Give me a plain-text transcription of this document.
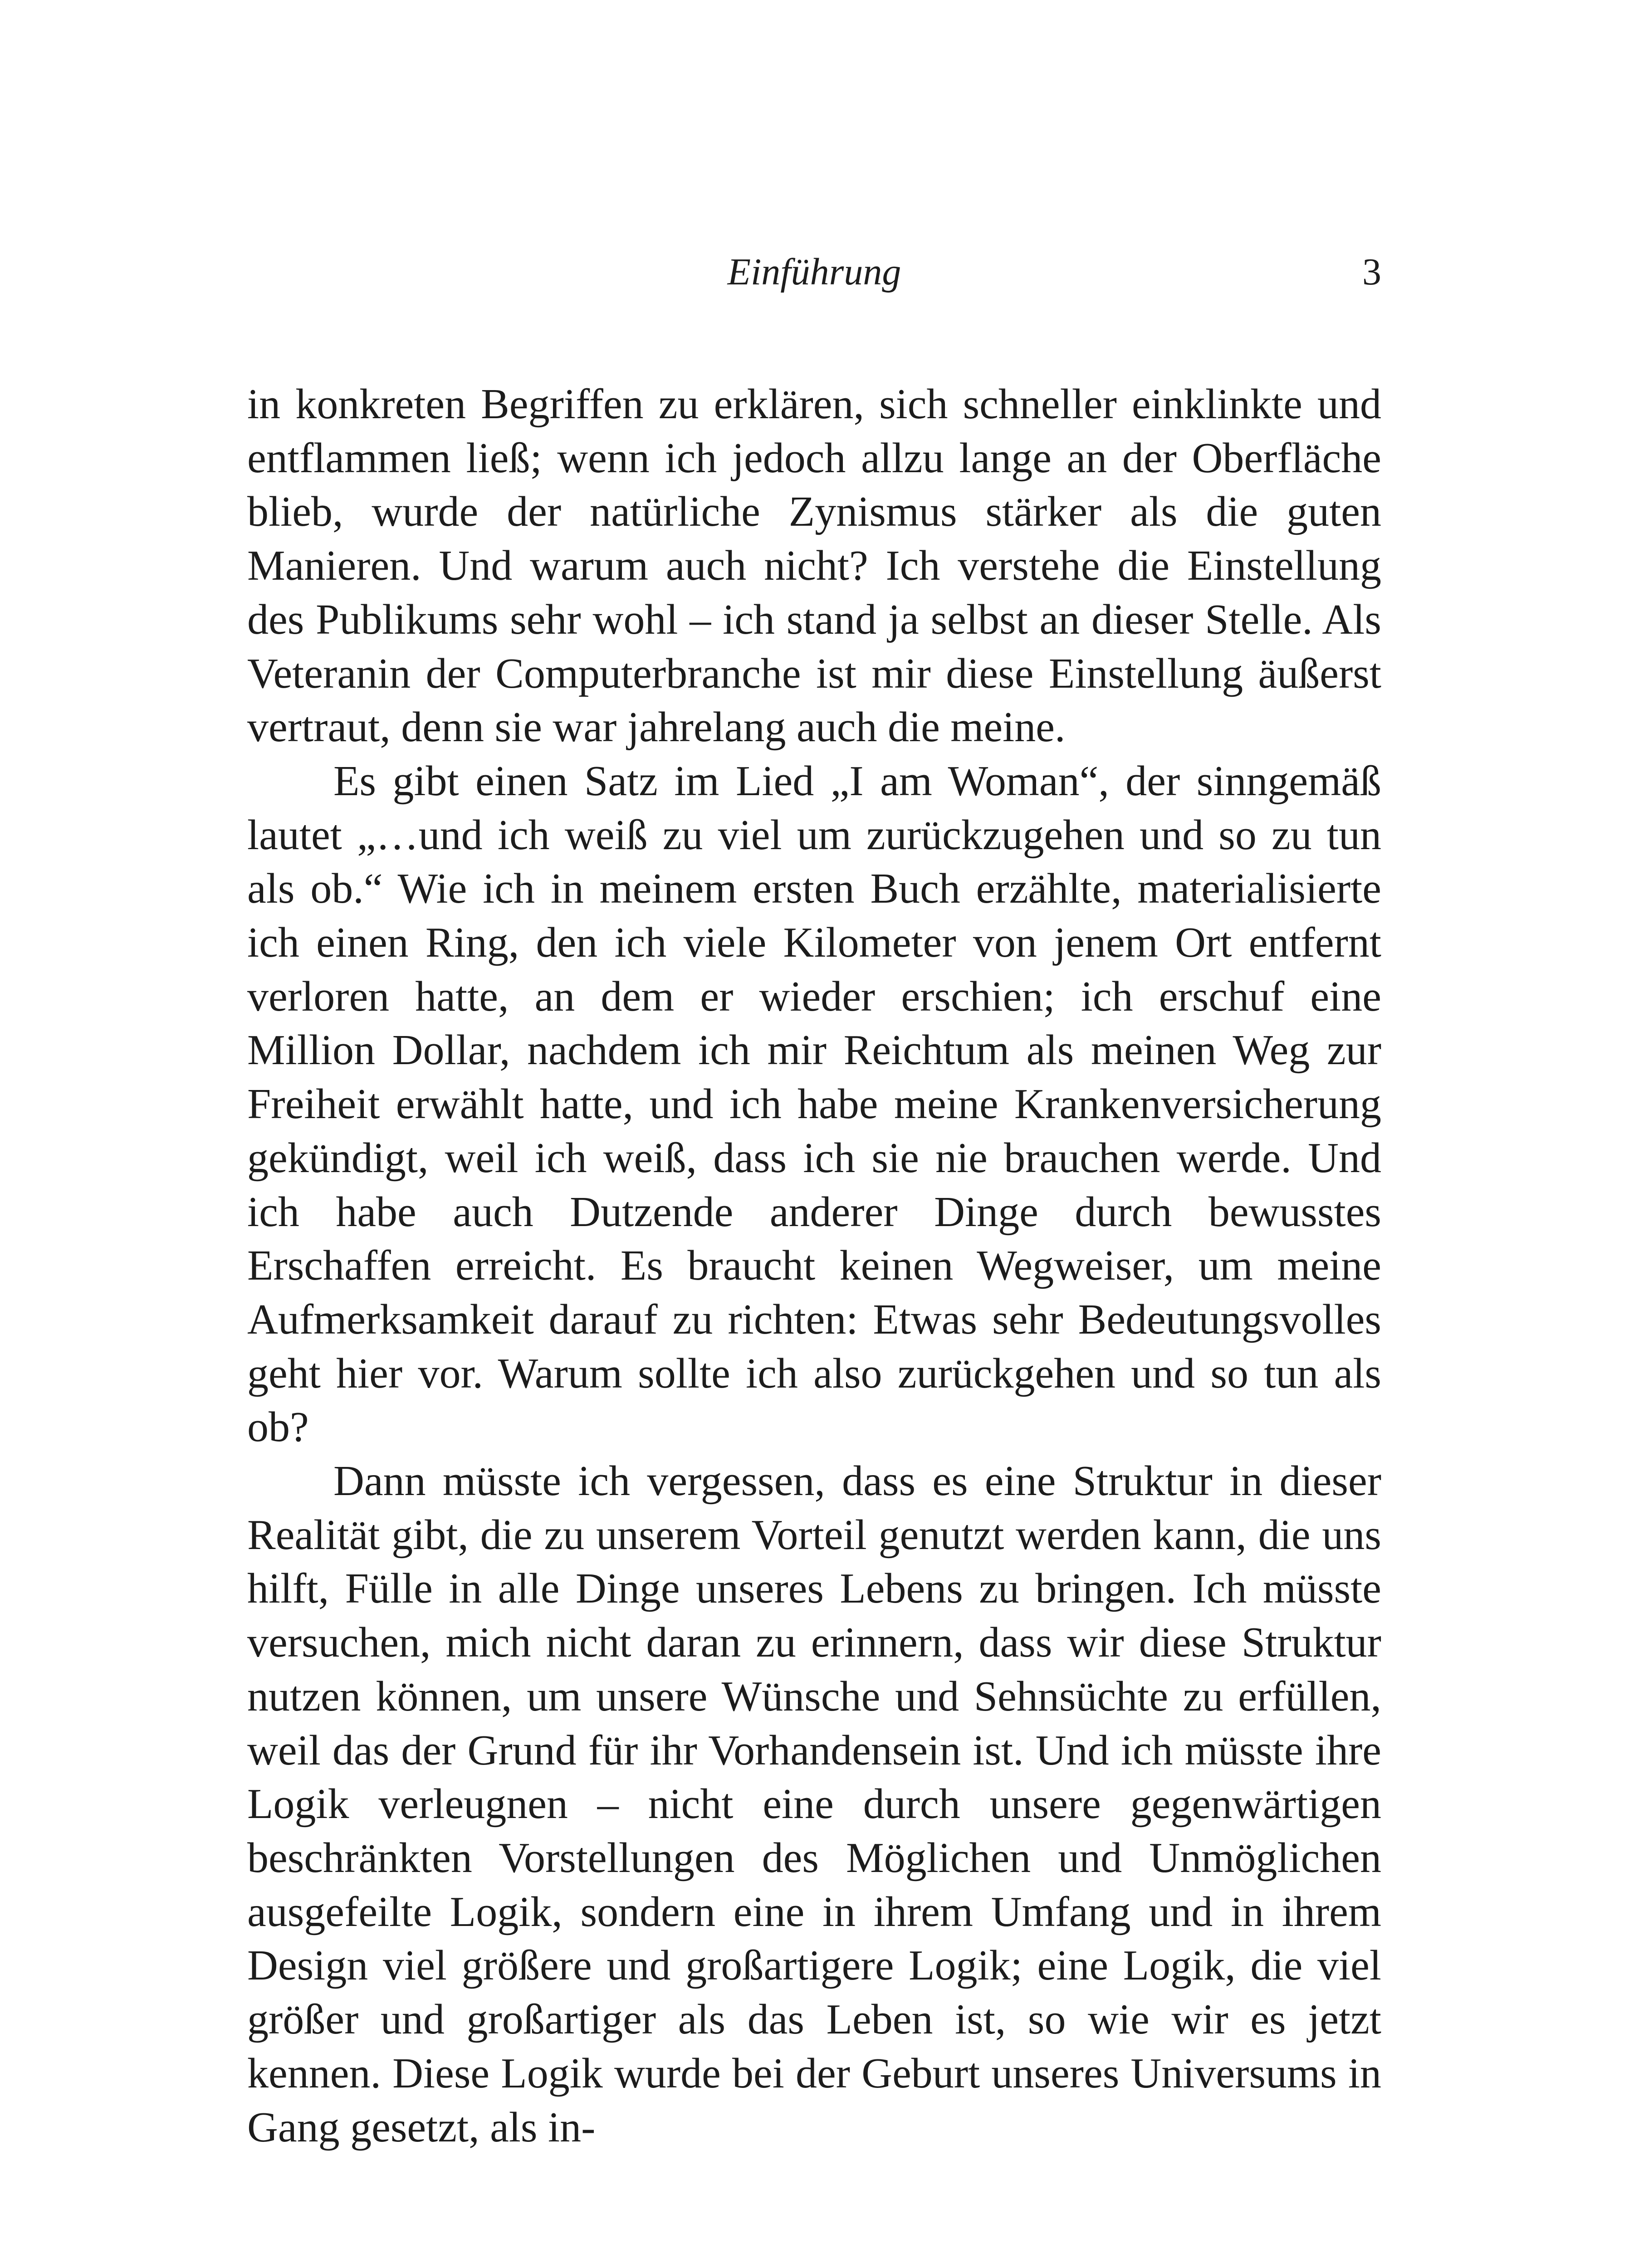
Einführung	3

in konkreten Begriffen zu erklären, sich schneller einklinkte und entflammen ließ; wenn ich jedoch allzu lange an der Oberfläche blieb, wurde der natürliche Zynismus stärker als die guten Manieren. Und warum auch nicht? Ich verstehe die Einstellung des Publikums sehr wohl – ich stand ja selbst an dieser Stelle. Als Veteranin der Computerbranche ist mir diese Einstellung äußerst vertraut, denn sie war jahrelang auch die meine.

Es gibt einen Satz im Lied „I am Woman“, der sinngemäß lautet „…und ich weiß zu viel um zurückzugehen und so zu tun als ob.“ Wie ich in meinem ersten Buch erzählte, materialisierte ich einen Ring, den ich viele Kilometer von jenem Ort entfernt verloren hatte, an dem er wieder erschien; ich erschuf eine Million Dollar, nachdem ich mir Reichtum als meinen Weg zur Freiheit erwählt hatte, und ich habe meine Krankenversicherung gekündigt, weil ich weiß, dass ich sie nie brauchen werde. Und ich habe auch Dutzende anderer Dinge durch bewusstes Erschaffen erreicht. Es braucht keinen Wegweiser, um meine Aufmerksamkeit darauf zu richten: Etwas sehr Bedeutungsvolles geht hier vor. Warum sollte ich also zurückgehen und so tun als ob?

Dann müsste ich vergessen, dass es eine Struktur in dieser Realität gibt, die zu unserem Vorteil genutzt werden kann, die uns hilft, Fülle in alle Dinge unseres Lebens zu bringen. Ich müsste versuchen, mich nicht daran zu erinnern, dass wir diese Struktur nutzen können, um unsere Wünsche und Sehnsüchte zu erfüllen, weil das der Grund für ihr Vorhandensein ist. Und ich müsste ihre Logik verleugnen – nicht eine durch unsere gegenwärtigen beschränkten Vorstellungen des Möglichen und Unmöglichen ausgefeilte Logik, sondern eine in ihrem Umfang und in ihrem Design viel größere und großartigere Logik; eine Logik, die viel größer und großartiger als das Leben ist, so wie wir es jetzt kennen. Diese Logik wurde bei der Geburt unseres Universums in Gang gesetzt, als in-
